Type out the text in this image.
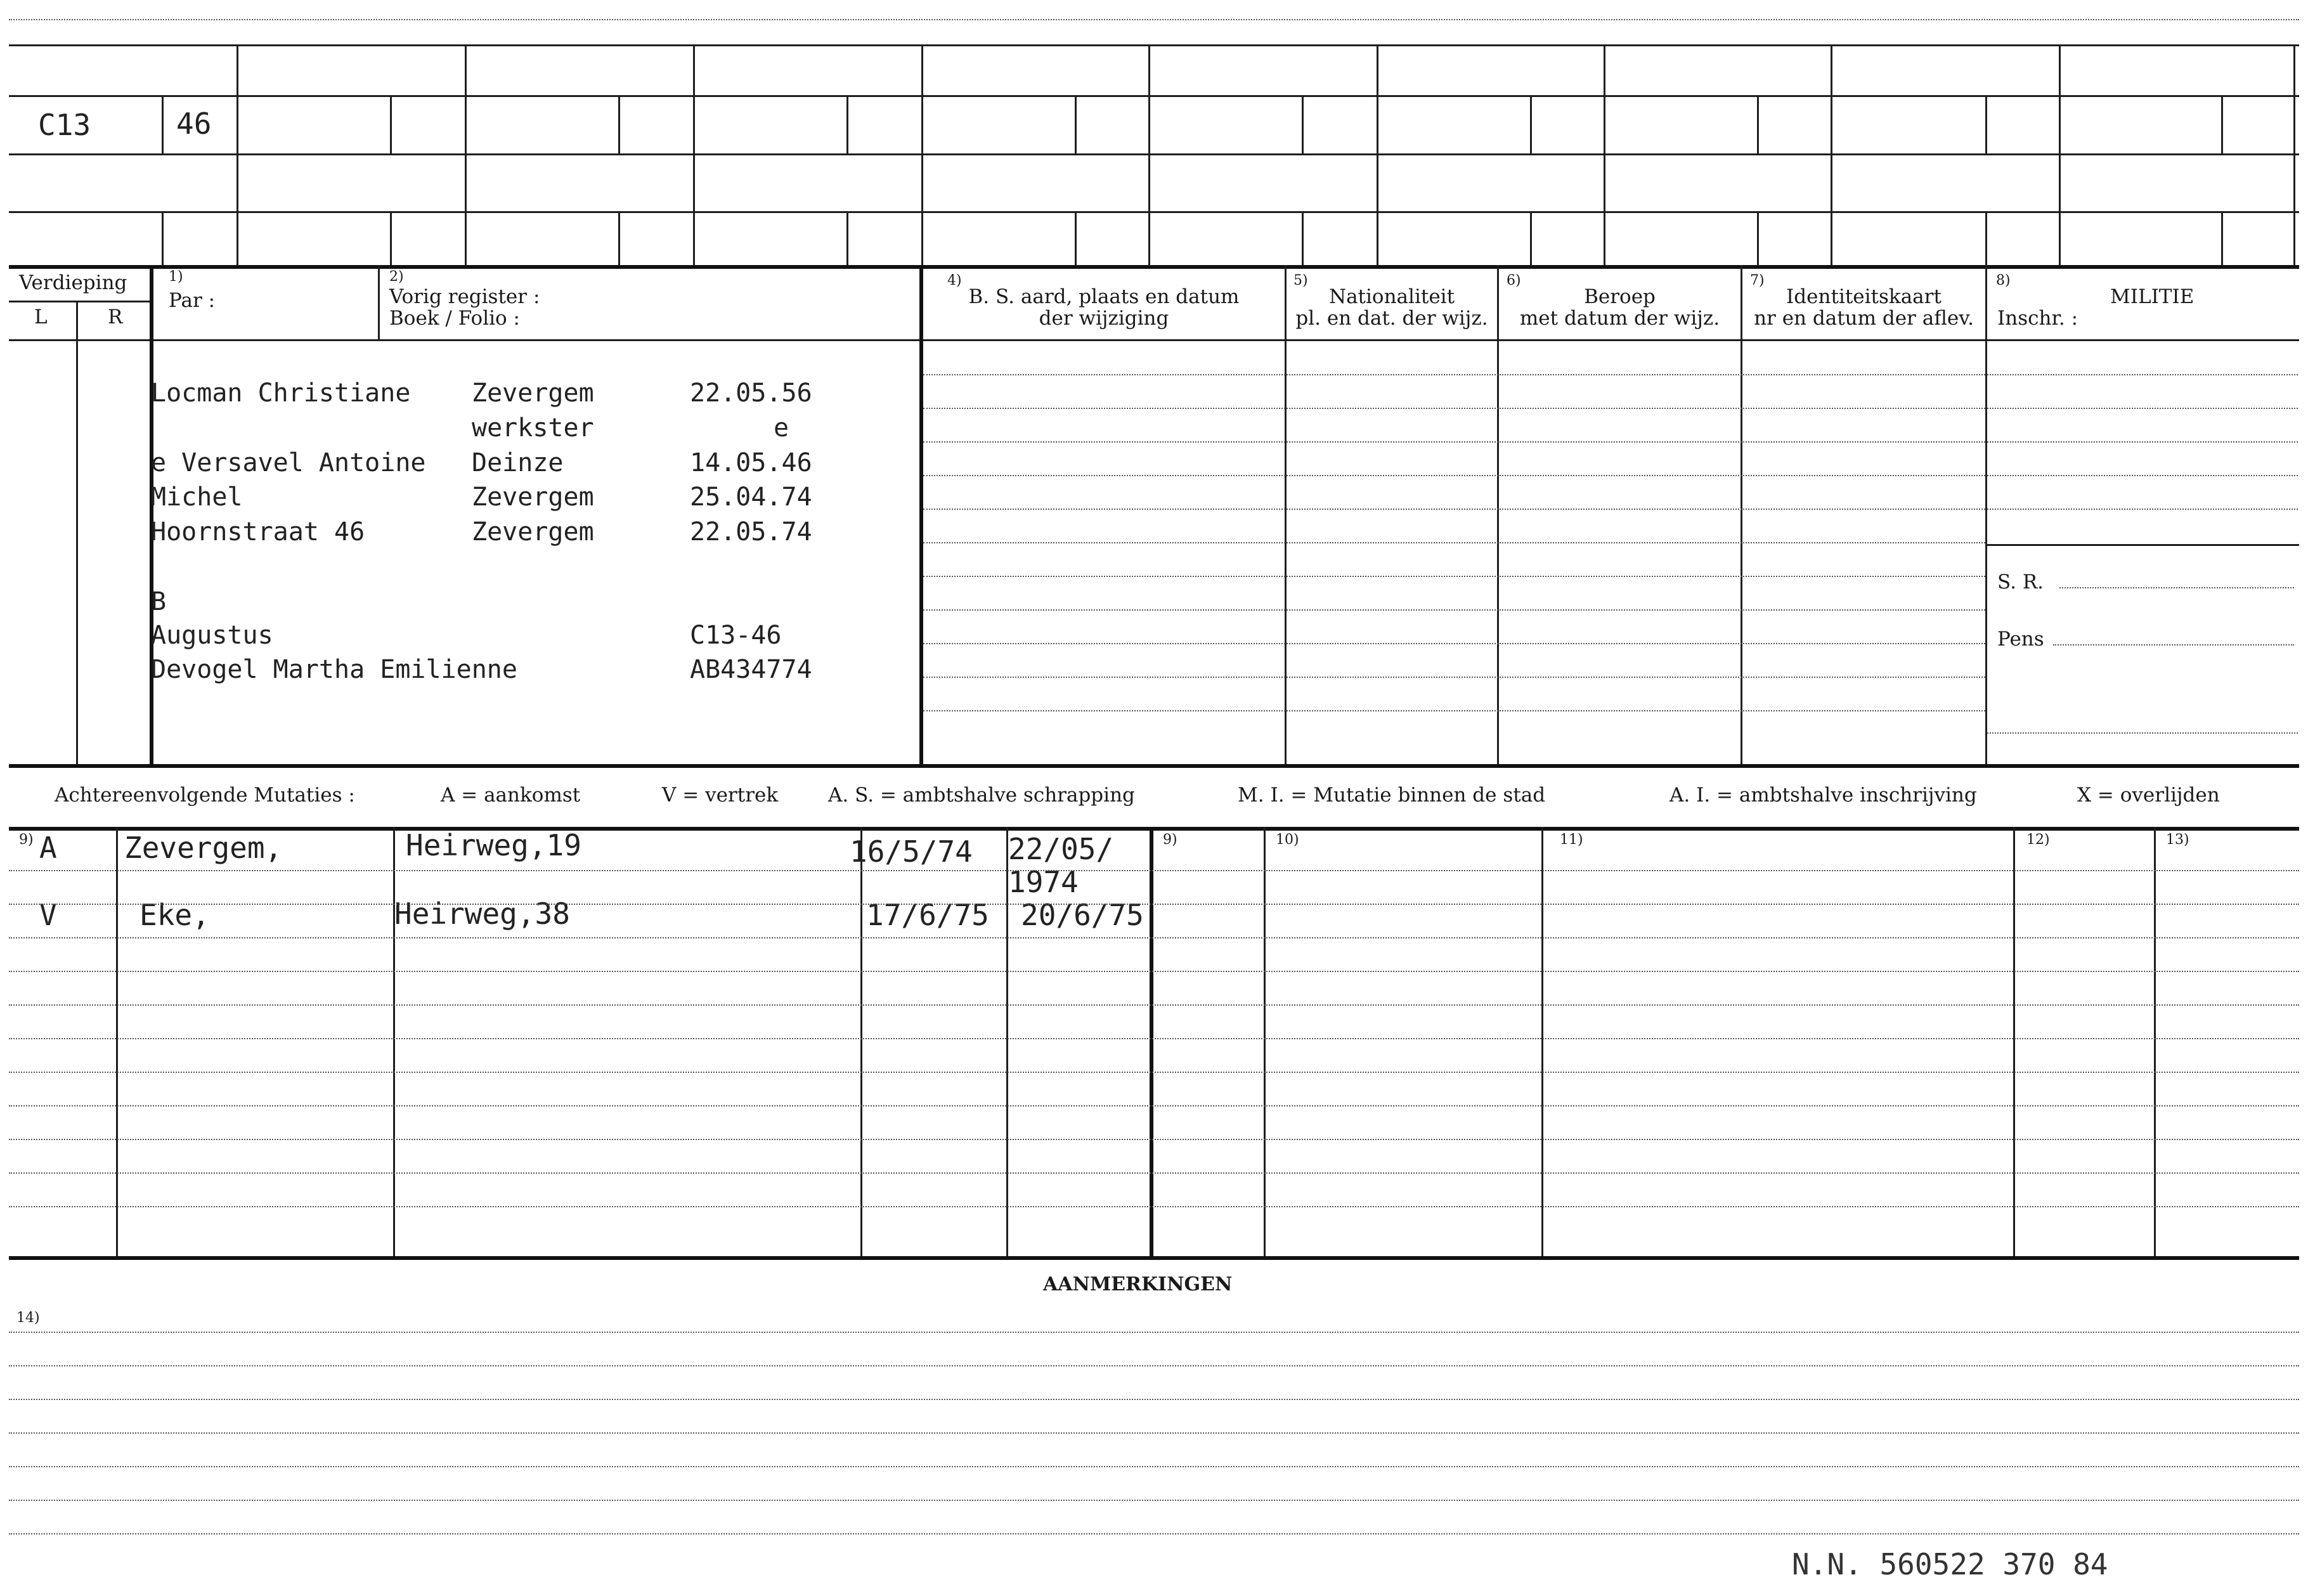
C13	46
Verdieping
L	R
1)
Par :
2)
Vorig register :
Boek / Folio :
4)
B. S. aard, plaats en datum
der wijziging
5)
Nationaliteit
pl. en dat. der wijz.
6)
Beroep
met datum der wijz.
7)
Identiteitskaart
nr en datum der aflev.
8)
MILITIE
Inschr. :
Locman Christiane Zevergem	22.05.56
werkster	e
e Versavel Antoine Deinze	14.05.46
Michel	Zevergem	25.04.74
Hoornstraat 46	Zevergem	22.05.74
B
Augustus	C13-46
Devogel Martha Emilienne	AB434774
S. R.
Pens
Achtereenvolgende Mutaties :	A = aankomst	V = vertrek	A. S. = ambtshalve schrapping	M. I. = Mutatie binnen de stad	A. I. = ambtshalve inschrijving	X = overlijden
9)	9)	10)	11)	12)	13)
A Zevergem,	Heirweg,19	16/5/74 22/05/
1974
V	Eke,	Heirweg,38	17/6/75 20/6/75
AANMERKINGEN
14)
N.N. 560522 370 84
